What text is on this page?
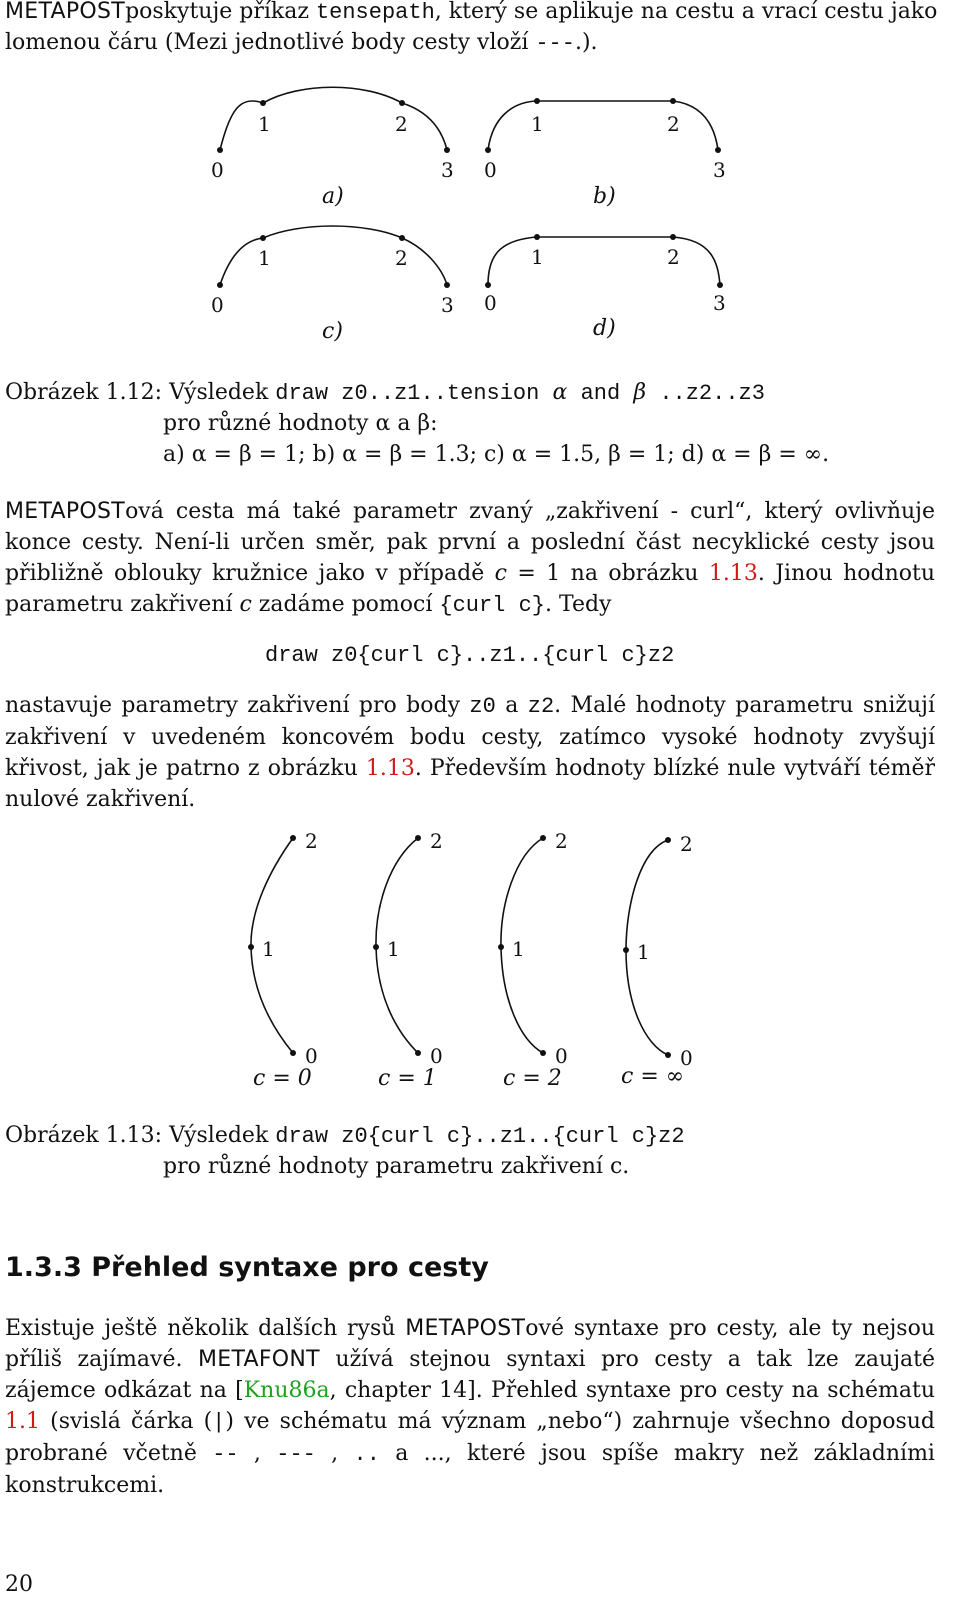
METAPOSTposkytuje příkaz tensepath, který se aplikuje na cestu a vrací cestu jako
lomenou čáru (Mezi jednotlivé body cesty vloží ---.).
0
1	2
3 0
1	2
3
0
1	2
3 0
1	2
3
a)	b)
c)	d)
Obrázek 1.12: Výsledek draw z0..z1..tension α and β ..z2..z3
pro různé hodnoty α a β:
a) α = β = 1; b) α = β = 1.3; c) α = 1.5, β = 1; d) α = β = ∞.
METAPOSTová cesta má také parametr zvaný „zakřivení - curl“, který ovlivňuje konce cesty. Není-li určen směr, pak první a poslední část necyklické cesty jsou přibližně oblouky kružnice jako v případě c = 1 na obrázku 1.13. Jinou hodnotu parametru zakřivení c zadáme pomocí {curl c}. Tedy
draw z0{curl c}..z1..{curl c}z2
nastavuje parametry zakřivení pro body z0 a z2. Malé hodnoty parametru snižují zakřivení v uvedeném koncovém bodu cesty, zatímco vysoké hodnoty zvyšují křivost, jak je patrno z obrázku 1.13. Především hodnoty blízké nule vytváří téměř nulové zakřivení.
2
1
0
2
1
0
2
1
0
2
1
0
c = 0	c = 1	c = 2	c = ∞
Obrázek 1.13: Výsledek draw z0{curl c}..z1..{curl c}z2
pro různé hodnoty parametru zakřivení c.
1.3.3 Přehled syntaxe pro cesty
Existuje ještě několik dalších rysů METAPOSTové syntaxe pro cesty, ale ty nejsou příliš zajímavé. METAFONT užívá stejnou syntaxi pro cesty a tak lze zaujaté zájemce odkázat na [Knu86a, chapter 14]. Přehled syntaxe pro cesty na schématu 1.1 (svislá čárka (|) ve schématu má význam „nebo“) zahrnuje všechno doposud probrané včetně -- , --- , .. a ..., které jsou spíše makry než základními konstrukcemi.
20
